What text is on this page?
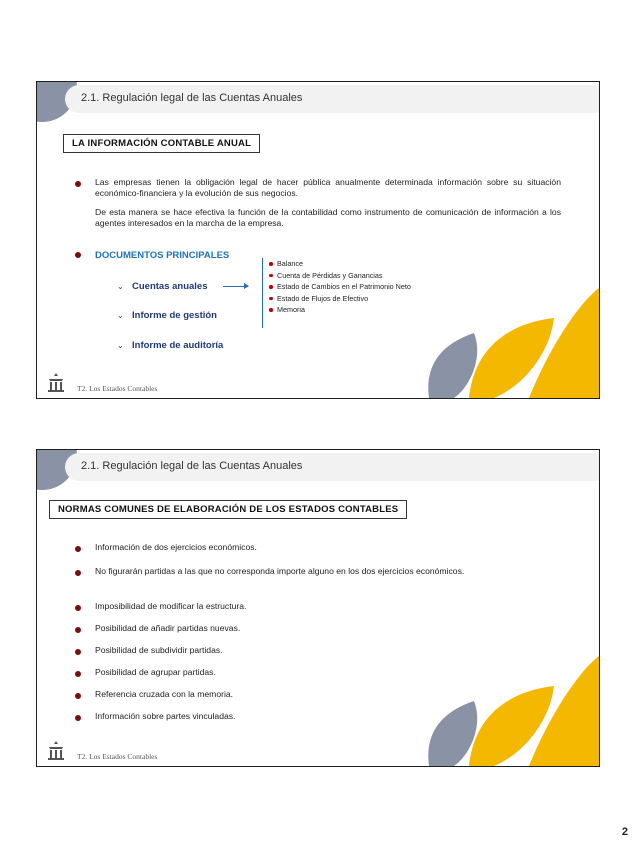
2.1. Regulación legal de las Cuentas Anuales
LA INFORMACIÓN CONTABLE ANUAL
Las empresas tienen la obligación legal de hacer pública anualmente determinada información sobre su situación económico-financiera y la evolución de sus negocios.
De esta manera se hace efectiva la función de la contabilidad como instrumento de comunicación de información a los agentes interesados en la marcha de la empresa.
DOCUMENTOS PRINCIPALES
⌄ Cuentas anuales
⌄ Informe de gestión
⌄ Informe de auditoría
Balance
Cuenta de Pérdidas y Ganancias
Estado de Cambios en el Patrimonio Neto
Estado de Flujos de Efectivo
Memoria
T2. Los Estados Contables
2.1. Regulación legal de las Cuentas Anuales
NORMAS COMUNES DE ELABORACIÓN DE LOS ESTADOS CONTABLES
Información de dos ejercicios económicos.
No figurarán partidas a las que no corresponda importe alguno en los dos ejercicios económicos.
Imposibilidad de modificar la estructura.
Posibilidad de añadir partidas nuevas.
Posibilidad de subdividir partidas.
Posibilidad de agrupar partidas.
Referencia cruzada con la memoria.
Información sobre partes vinculadas.
T2. Los Estados Contables
2
